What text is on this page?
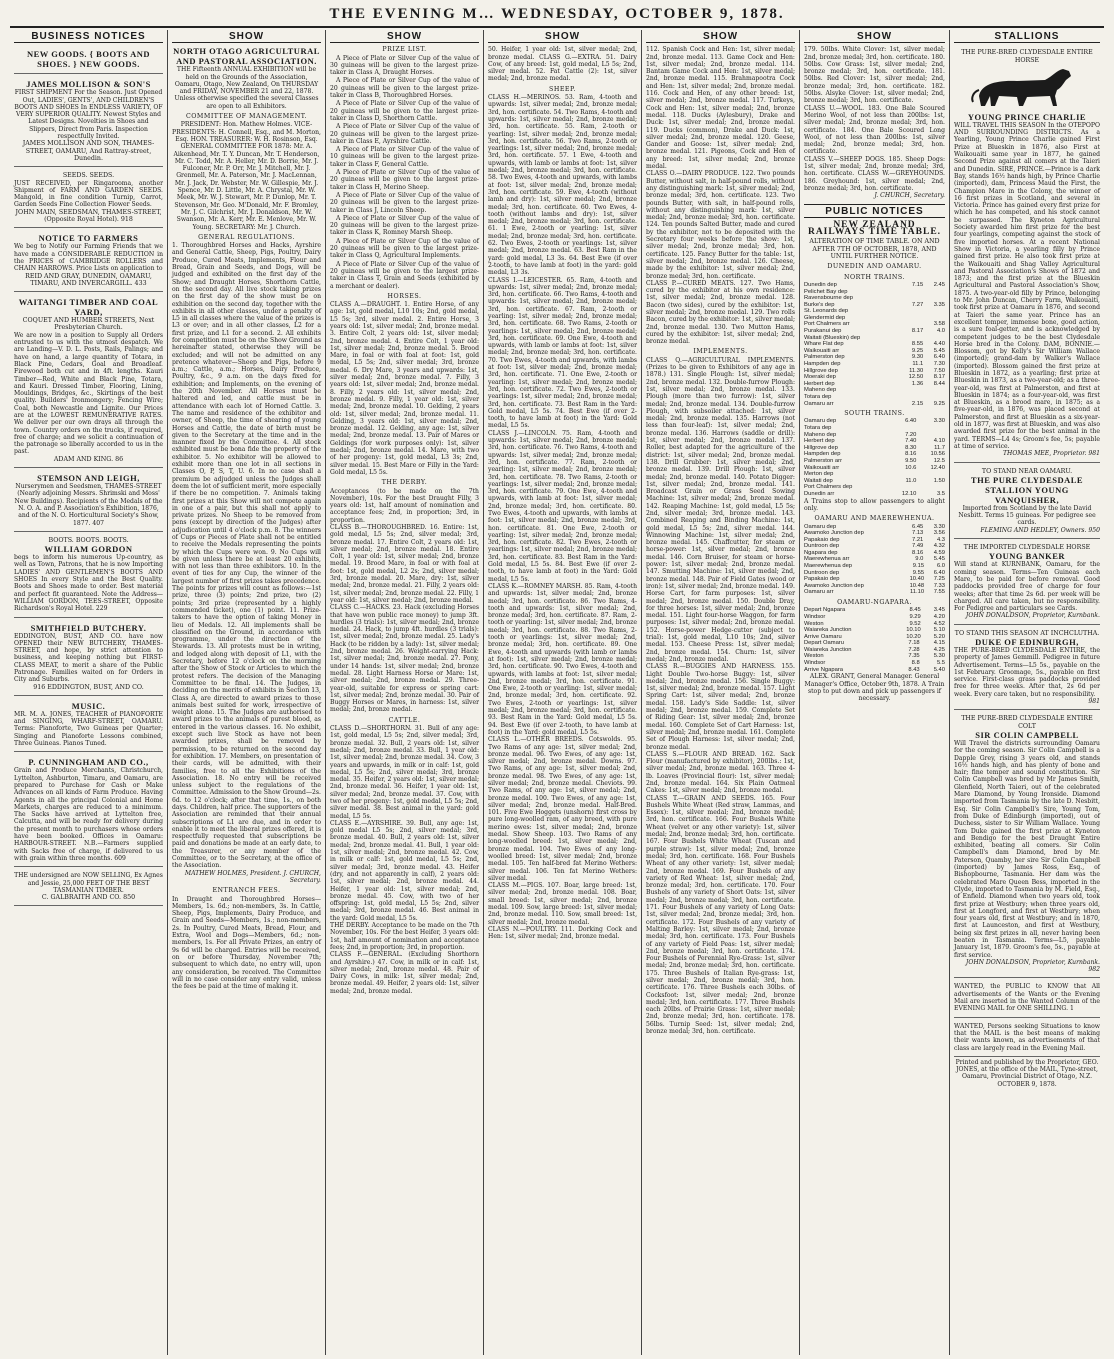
THE EVENING M… WEDNESDAY, OCTOBER 9, 1878.
BUSINESS NOTICES
NEW GOODS. { BOOTS AND SHOES. } NEW GOODS.
JAMES MOLLISON & SON'S
FIRST SHIPMENT For the Season. Just Opened Out, LADIES', GENTS', AND CHILDREN'S BOOTS AND SHOES In ENDLESS VARIETY, OF VERY SUPERIOR QUALITY. Newest Styles and Latest Designs. Novelties in Shoes and Slippers, Direct from Paris. Inspection respectfully Invited.
JAMES MOLLISON AND SON, THAMES-STREET, OAMARU, And Rattray-street, Dunedin.
SEEDS. SEEDS.
JUST RECEIVED, per Ringarooma, another Shipment of FARM AND GARDEN SEEDS. Mangold, in fine condition Turnip, Carrot, Garden Seeds Fine Collection Flower Seeds.
JOHN MAIN, SEEDSMAN, THAMES-STREET, (Opposite Royal Hotel). 918
NOTICE TO FARMERS
We beg to Notify our Farming Friends that we have made a CONSIDERABLE REDUCTION in the PRICES of CAMBRIDGE ROLLERS and CHAIN HARROWS. Price Lists on application to
REID AND GRAY, DUNEDIN, OAMARU, TIMARU, AND INVERCARGILL. 433
WAITANGI TIMBER AND COAL YARD,
COQUET AND HUMBER STREETS, Next Presbyterian Church.
We are now in a position to Supply all Orders entrusted to us with the utmost despatch. We are Landing—V. D. L. Posts, Rails, Palings; and have on hand, a large quantity of Totara, in Black Pine, Cedars, Goal and Broadleaf. Firewood both cut and in 4ft. lengths. Kauri Timber—Red, White and Black Pine, Totara, and Kauri. Dressed Timber, Flooring, Lining, Mouldings, Bridges, &c., Skirtings of the best quality. Builders' Ironmongery; Fencing Wire; Coal, both Newcastle and Lignite. Our Prices are at the LOWEST REMUNERATIVE RATES. We deliver per our own drays all through the town. Country orders on the trucks, if required, free of charge; and we solicit a continuation of the patronage so liberally accorded to us in the past.
ADAM AND KING. 86
STEMSON AND LEIGH,
Nurserymen and Seedsmen, THAMES-STREET (Nearly adjoining Messrs. Shrimski and Moss' New Buildings). Recipients of the Medals of the N. O. A. and P. Association's Exhibition, 1876, and of the N. O. Horticultural Society's Show, 1877. 407
BOOTS. BOOTS. BOOTS.
WILLIAM GORDON
begs to inform his numerous Up-country, as well as Town, Patrons, that he is now Importing LADIES' AND GENTLEMEN'S BOOTS AND SHOES In every Style and the Best Quality. Boots and Shoes made to order. Best material and perfect fit guaranteed. Note the Address— WILLIAM GORDON, TEES-STREET, Opposite Richardson's Royal Hotel. 229
SMITHFIELD BUTCHERY.
EDDINGTON, BUST, AND CO. have now OPENED their NEW BUTCHERY, THAMES-STREET, and hope, by strict attention to business, and keeping nothing but FIRST-CLASS MEAT, to merit a share of the Public Patronage. Families waited on for Orders in City and Suburbs.
916 EDDINGTON, BUST, AND CO.
MUSIC.
MR. M. A. JONES, TEACHER of PIANOFORTE and SINGING, WHARF-STREET, OAMARU. Terms: Pianoforte, Two Guineas per Quarter; Singing and Pianoforte Lessons combined, Three Guineas. Pianos Tuned.
P. CUNNINGHAM AND CO.,
Grain and Produce Merchants, Christchurch, Lyttelton, Ashburton, Timaru, and Oamaru, are prepared to Purchase for Cash or Make Advances on all kinds of Farm Produce. Having Agents in all the principal Colonial and Home Markets, charges are reduced to a minimum. The Sacks have arrived at Lyttelton free, Calcutta, and will be ready for delivery during the present month to purchasers whose orders have been booked. Offices in Oamaru: HARBOUR-STREET. N.B.—Farmers supplied with Sacks free of charge, if delivered to us with grain within three months. 609
THE undersigned are NOW SELLING, Ex Agnes and Jessie, 25,000 FEET OF THE BEST TASMANIAN TIMBER.
C. GALBRAITH AND CO. 850
SHOW
NORTH OTAGO AGRICULTURAL AND PASTORAL ASSOCIATION.
THE Fifteenth ANNUAL EXHIBITION will be held on the Grounds of the Association, Oamaru, Otago, New Zealand, On THURSDAY and FRIDAY, NOVEMBER 21 and 22, 1878. Unless otherwise specified the several Classes are open to all Exhibitors.
COMMITTEE OF MANAGEMENT.
PRESIDENT: Hon. Mathew Holmes. VICE-PRESIDENTS: H. Connell, Esq., and M. Morton, Esq. HON. TREASURER: W. H. Rosinson, Esq. GENERAL COMMITTEE FOR 1878: Mr. A. Aikenhead, Mr. T. Y. Duncan, Mr. T. Henderson, Mr. C. Todd, Mr. A. Heller, Mr. D. Borrie, Mr. J. Fulconer, Mr. P. Orr, Mr. J. Mitchell, Mr. J. Grenmell, Mr. A. Paterson, Mr. J. MacLennan, Mr. J. Jack, Dr. Webster, Mr. W. Gillespie, Mr. J. Spence, Mr. D. Little, Mr. A. Chrystal, Mr. W. Meek, Mr. W. J. Stewart, Mr. P. Dunlop, Mr. T. Stevenson, Mr. Geo. M'Donald, Mr. F. Bromley, Mr. J. C. Gilchrist, Mr. J. Donaldson, Mr. W. Swanson, Mr. A. Kerr, Mr. E. Menlove, Mr. W. Young. SECRETARY: Mr. J. Church.
GENERAL REGULATIONS.
1. Thoroughbred Horses and Hacks, Ayrshire and General Cattle, Sheep, Pigs, Poultry, Dairy Produce, Cured Meats, Implements, Flour and Bread, Grain and Seeds, and Dogs, will be judged and exhibited on the first day of the Show; and Draught Horses, Shorthorn Cattle, on the second day. All live stock taking prizes on the first day of the show must be on exhibition on the second day, together with the exhibits in all other classes, under a penalty of L5 in all classes where the value of the prizes is L3 or over; and in all other classes, L2 for a first prize, and L1 for a second. 2. All exhibits for competition must be on the Show Ground as hereinafter stated, otherwise they will be excluded; and will not be admitted on any pretence whatever—Sheep and Pigs, before 9 a.m.; Cattle, a.m.; Horses, Dairy Produce, Poultry, &c., 9 a.m. on the days fixed for exhibition; and Implements, on the evening of the 20th November. All Horses must be haltered and led, and cattle must be in attendance with each lot of Horned Cattle. 3. The name and residence of the exhibitor and owner, of Sheep, the time of shearing of young Horses and Cattle, the date of birth must be given to the Secretary at the time and in the manner fixed by the Committee. 4. All stock exhibited must be bona fide the property of the exhibitor. 5. No exhibitor will be allowed to exhibit more than one lot in all sections in Classes O, P, S, T, U. 6. In no case shall a premium be adjudged unless the Judges shall deem the lot of sufficient merit, more especially if there be no competition. 7. Animals taking first prizes at this Show will not compete again in one of a pair, but this shall not apply to private prizes. No Sheep to be removed from pens (except by direction of the Judges) after adjudication until 4 o'clock p.m. 8. The winners of Cups or Pieces of Plate shall not be entitled to receive the Medals representing the points by which the Cups were won. 9. No Cups will be given unless there be at least 20 exhibits, with not less than three exhibitors. 10. In the event of ties for any Cup, the winner of the largest number of first prizes takes precedence. The points for prizes will count as follows:—1st prize, three (3) points; 2nd prize, two (2) points; 3rd prize (represented by a highly commended ticket), one (1) point. 11. Prize-takers to have the option of taking Money in lieu of Medals. 12. All implements shall be classified on the Ground, in accordance with programme, under the direction of the Stewards. 13. All protests must be in writing, and lodged along with deposit of L1, with the Secretary, before 12 o'clock on the morning after the Show of Stock or Articles to which the protest refers. The decision of the Managing Committee to be final. 14. The Judges, in deciding on the merits of exhibits in Section 13, Class A, are directed to award prizes to those animals best suited for work, irrespective of weight alone. 15. The Judges are authorised to award prizes to the animals of purest blood, as entered in the various classes. 16. No exhibit, except such live Stock as have not been awarded prizes, shall be removed by permission, to be returned on the second day for exhibition. 17. Members, on presentation of their cards, will be admitted, with their families, free to all the Exhibitions of the Association. 18. No entry will be received unless subject to the regulations of the Committee. Admission to the Show Ground—2s. 6d. to 12 o'clock; after that time, 1s., on both days. Children, half price. The supporters of the Association are reminded that their annual subscriptions of L1 are due, and in order to enable it to meet the liberal prizes offered, it is respectfully requested that subscriptions be paid and donations be made at an early date, to the Treasurer, or any member of the Committee, or to the Secretary, at the office of the Association.
MATHEW HOLMES, President. J. CHURCH, Secretary.
ENTRANCH FEES.
In Draught and Thoroughbred Horses—Members, 1s. 6d.; non-members, 3s. In Cattle, Sheep, Pigs, Implements, Dairy Produce, and Grain and Seeds—Members, 1s.; non-members, 2s. In Poultry, Cured Meats, Bread, Flour, and Extra, Wool and Dogs—Members, 6d.; non-members, 1s. For all Private Prizes, an entry of 9s 6d will be charged. Entries will be received, on or before Thursday, November 7th; subsequent to which date, no entry will, upon any consideration, be received. The Committee will in no case consider any entry valid, unless the fees be paid at the time of making it.
SHOW
PRIZE LIST.
A Piece of Plate or Silver Cup of the value of 30 guineas will be given to the largest prize-taker in Class A, Draught Horses.
A Piece of Plate or Silver Cup of the value of 20 guineas will be given to the largest prize-taker in Class B, Thoroughbred Horses.
A Piece of Plate or Silver Cup of the value of 20 guineas will be given to the largest prize-taker in Class D, Shorthorn Cattle.
A Piece of Plate or Silver Cup of the value of 20 guineas will be given to the largest prize-taker in Class E, Ayrshire Cattle.
A Piece of Plate or Silver Cup of the value of 10 guineas will be given to the largest prize-taker in Class F, General Cattle.
A Piece of Plate or Silver Cup of the value of 20 guineas will be given to the largest prize-taker in Class H, Merino Sheep.
A Piece of Plate or Silver Cup of the value of 20 guineas will be given to the largest prize-taker in Class J, Lincoln Sheep.
A Piece of Plate or Silver Cup of the value of 20 guineas will be given to the largest prize-taker in Class K, Romney Marsh Sheep.
A Piece of Plate or Silver Cup of the value of 20 guineas will be given to the largest prize-taker in Class Q, Agricultural Implements.
A Piece of Plate or Silver Cup of the value of 20 guineas will be given to the largest prize-taker in Class T, Grain and Seeds (exhibited by a merchant or dealer).
HORSES.
CLASS A.—DRAUGHT. 1. Entire Horse, of any age: 1st, gold medal, L10 10s; 2nd, gold medal, L5 5s; 3rd, silver medal. 2. Entire Horse, 3 years old: 1st, silver medal; 2nd, bronze medal. 3. Entire Colt, 2 years old: 1st, silver medal; 2nd, bronze medal. 4. Entire Colt, 1 year old: 1st, silver medal; 2nd, bronze medal. 5. Brood Mare, in foal or with foal at foot: 1st, gold medal, L5 5s; 2nd, silver medal; 3rd, bronze medal. 6. Dry Mare, 3 years and upwards: 1st, silver medal; 2nd, bronze medal. 7. Filly, 3 years old: 1st, silver medal; 2nd, bronze medal. 8. Filly, 2 years old: 1st, silver medal; 2nd, bronze medal. 9. Filly, 1 year old: 1st, silver medal; 2nd, bronze medal. 10. Gelding, 2 years old: 1st, silver medal; 2nd, bronze medal. 11. Gelding, 3 years old: 1st, silver medal; 2nd, bronze medal. 12. Gelding, any age: 1st, silver medal; 2nd, bronze medal. 13. Pair of Mares or Geldings (for work purposes only): 1st, silver medal; 2nd, bronze medal. 14. Mare, with two of her progeny: 1st, gold medal, L3 3s; 2nd, silver medal. 15. Best Mare or Filly in the Yard: Gold medal, L5 5s.
THE DERBY.
Acceptances (to be made on the 7th November), 10s. For the best Draught Filly, 3 years old: 1st, half amount of nomination and acceptance fees; 2nd, in proportion; 3rd, in proportion.
CLASS B.—THOROUGHBRED. 16. Entire: 1st, gold medal, L5 5s; 2nd, silver medal; 3rd, bronze medal. 17. Entire Colt, 2 years old: 1st, silver medal; 2nd, bronze medal. 18. Entire Colt, 1 year old: 1st, silver medal; 2nd, bronze medal. 19. Brood Mare, in foal or with foal at foot: 1st, gold medal, L2 2s; 2nd, silver medal; 3rd, bronze medal. 20. Mare, dry: 1st, silver medal; 2nd, bronze medal. 21. Filly, 2 years old: 1st, silver medal; 2nd, bronze medal. 22. Filly, 1 year old: 1st, silver medal; 2nd, bronze medal.
CLASS C.—HACKS. 23. Hack (excluding Horses that have won public race money) to jump 3ft. hurdles (3 trials): 1st, silver medal; 2nd, bronze medal. 24. Hack, to jump 4ft. hurdles (3 trials): 1st, silver medal; 2nd, bronze medal. 25. Lady's Hack (to be ridden by a lady): 1st, silver medal; 2nd, bronze medal. 26. Weight-carrying Hack: 1st, silver medal; 2nd, bronze medal. 27. Pony, under 14 hands: 1st, silver medal; 2nd, bronze medal. 28. Light Harness Horse or Mare: 1st, silver medal; 2nd, bronze medal. 29. Three-year-old, suitable for express or spring cart: 1st, silver medal; 2nd, bronze medal. 30. Pair of Buggy Horses or Mares, in harness: 1st, silver medal; 2nd, bronze medal.
CATTLE.
CLASS D.—SHORTHORN. 31. Bull of any age: 1st, gold medal, L5 5s; 2nd, silver medal; 3rd, bronze medal. 32. Bull, 2 years old: 1st, silver medal; 2nd, bronze medal. 33. Bull, 1 year old: 1st, silver medal; 2nd, bronze medal. 34. Cow, 3 years and upwards, in milk or in calf: 1st, gold medal, L5 5s; 2nd, silver medal; 3rd, bronze medal. 35. Heifer, 2 years old: 1st, silver medal; 2nd, bronze medal. 36. Heifer, 1 year old: 1st, silver medal; 2nd, bronze medal. 37. Cow, with two of her progeny: 1st, gold medal, L5 5s; 2nd, silver medal. 38. Best animal in the yard: gold medal, L5 5s.
CLASS E.—AYRSHIRE. 39. Bull, any age: 1st, gold medal L5 5s; 2nd, silver medal; 3rd, bronze medal. 40. Bull, 2 years old: 1st, silver medal; 2nd, bronze medal. 41. Bull, 1 year old: 1st, silver medal; 2nd, bronze medal. 42. Cow, in milk or calf: 1st, gold medal, L5 5s; 2nd, silver medal; 3rd, bronze medal. 43. Heifer (dry, and not apparently in calf), 2 years old: 1st, silver medal; 2nd, bronze medal. 44. Heifer, 1 year old: 1st, silver medal; 2nd, bronze medal. 45. Cow, with two of her offspring: 1st, gold medal, L5 5s; 2nd, silver medal; 3rd, bronze medal. 46. Best animal in the yard: Gold medal, L5 5s.
THE DERBY. Acceptance to be made on the 7th November, 10s. For the best Heifer, 3 years old: 1st, half amount of nomination and acceptance fees; 2nd, in proportion; 3rd, in proportion.
CLASS F.—GENERAL. (Excluding Shorthorn and Ayrshire.) 47. Cow, in milk or in calf: 1st, silver medal; 2nd, bronze medal. 48. Pair of Dairy Cows, in milk: 1st, silver medal; 2nd, bronze medal. 49. Heifer, 2 years old: 1st, silver medal; 2nd, bronze medal.
SHOW
50. Heifer, 1 year old: 1st, silver medal; 2nd, bronze medal. CLASS G.—EXTRA. 51. Dairy Cow, of any breed: 1st, gold medal, L5 5s; 2nd, silver medal. 52. Fat Cattle (2): 1st, silver medal; 2nd, bronze medal.
SHEEP.
CLASS H.—MERINOS. 53. Ram, 4-tooth and upwards: 1st, silver medal; 2nd, bronze medal; 3rd, hon. certificate. 54. Two Rams, 4-tooth and upwards: 1st, silver medal; 2nd, bronze medal; 3rd, hon. certificate. 55. Ram, 2-tooth or yearling: 1st, silver medal; 2nd, bronze medal; 3rd, hon. certificate. 56. Two Rams, 2-tooth or yearlings: 1st, silver medal; 2nd, bronze medal; 3rd, hon. certificate. 57. 1 Ewe, 4-tooth and upwards, with lamb or lambs at foot: 1st, silver medal; 2nd, bronze medal; 3rd, hon. certificate. 58. Two Ewes, 4-tooth and upwards, with lambs at foot: 1st, silver medal; 2nd, bronze medal; 3rd, hon. certificate. 59. Ewe, 4-tooth (without lamb and dry): 1st, silver medal; 2nd, bronze medal; 3rd, hon. certificate. 60. Two Ewes, 4-tooth (without lambs and dry): 1st, silver medal; 2nd, bronze medal; 3rd, hon. certificate. 61. 1 Ewe, 2-tooth or yearling: 1st, silver medal; 2nd, bronze medal; 3rd, hon. certificate. 62. Two Ewes, 2-tooth or yearlings: 1st, silver medal; 2nd, bronze medal. 63. Best Ram in the yard: gold medal, L3 3s. 64. Best Ewe (if over 2-tooth, to have lamb at foot) in the yard: gold medal, L3 3s.
CLASS I.—LEICESTER. 65. Ram, 4-tooth and upwards: 1st, silver medal; 2nd, bronze medal; 3rd, hon. certificate. 66. Two Rams, 4-tooth and upwards: 1st, silver medal; 2nd, bronze medal; 3rd, hon. certificate. 67. Ram, 2-tooth or yearling: 1st, silver medal; 2nd, bronze medal; 3rd, hon. certificate. 68. Two Rams, 2-tooth or yearlings: 1st, silver medal; 2nd, bronze medal; 3rd, hon. certificate. 69. One Ewe, 4-tooth and upwards, with lamb or lambs at foot: 1st, silver medal; 2nd, bronze medal; 3rd, hon. certificate. 70. Two Ewes, 4-tooth and upwards, with lambs at foot: 1st, silver medal; 2nd, bronze medal; 3rd, hon. certificate. 71. One Ewe, 2-tooth or yearling: 1st, silver medal; 2nd, bronze medal; 3rd, hon. certificate. 72. Two Ewes, 2-tooth or yearlings: 1st, silver medal; 2nd, bronze medal; 3rd, hon. certificate. 73. Best Ram in the Yard: Gold medal, L5 5s. 74. Best Ewe (if over 2-tooth, to have lamb at foot) in the Yard: Gold medal, L5 5s.
CLASS J.—LINCOLN. 75. Ram, 4-tooth and upwards: 1st, silver medal; 2nd, bronze medal; 3rd, hon. certificate. 76. Two Rams, 4-tooth and upwards: 1st, silver medal; 2nd, bronze medal; 3rd, hon. certificate. 77. Ram, 2-tooth or yearling: 1st, silver medal; 2nd, bronze medal; 3rd, hon. certificate. 78. Two Rams, 2-tooth or yearlings: 1st, silver medal; 2nd, bronze medal; 3rd, hon. certificate. 79. One Ewe, 4-tooth and upwards, with lamb at foot: 1st, silver medal; 2nd, bronze medal; 3rd, hon. certificate. 80. Two Ewes, 4-tooth and upwards, with lambs at foot: 1st, silver medal; 2nd, bronze medal; 3rd, hon. certificate. 81. One Ewe, 2-tooth or yearling: 1st, silver medal; 2nd, bronze medal; 3rd, hon. certificate. 82. Two Ewes, 2-tooth or yearlings: 1st, silver medal; 2nd, bronze medal; 3rd, hon. certificate. 83. Best Ram in the Yard: Gold medal, L5 5s. 84. Best Ewe (if over 2-tooth, to have lamb at foot) in the Yard: Gold medal, L5 5s.
CLASS K.—ROMNEY MARSH. 85. Ram, 4-tooth and upwards: 1st, silver medal; 2nd, bronze medal; 3rd, hon. certificate. 86. Two Rams, 4-tooth and upwards: 1st, silver medal; 2nd, bronze medal; 3rd, hon. certificate. 87. Ram, 2-tooth or yearling: 1st, silver medal; 2nd, bronze medal; 3rd, hon. certificate. 88. Two Rams, 2-tooth or yearlings: 1st, silver medal; 2nd, bronze medal; 3rd, hon. certificate. 89. One Ewe, 4-tooth and upwards (with lamb or lambs at foot): 1st, silver medal; 2nd, bronze medal; 3rd, hon. certificate. 90. Two Ewes, 4-tooth and upwards, with lambs at foot: 1st, silver medal; 2nd, bronze medal; 3rd, hon. certificate. 91. One Ewe, 2-tooth or yearling: 1st, silver medal; 2nd, bronze medal; 3rd, hon. certificate. 92. Two Ewes, 2-tooth or yearlings: 1st, silver medal; 2nd, bronze medal; 3rd, hon. certificate. 93. Best Ram in the Yard: Gold medal, L5 5s. 94. Best Ewe (if over 2-tooth, to have lamb at foot) in the Yard: gold medal, L5 5s.
CLASS L.—OTHER BREEDS. Cotswolds. 95. Two Rams of any age: 1st, silver medal; 2nd, bronze medal. 96. Two Ewes, of any age: 1st, silver medal; 2nd, bronze medal. Downs. 97. Two Rams, of any age: 1st, silver medal; 2nd, bronze medal. 98. Two Ewes, of any age: 1st, silver medal; 2nd, bronze medal. Cheviots. 99. Two Rams, of any age: 1st, silver medal; 2nd, bronze medal. 100. Two Ewes, of any age: 1st, silver medal; 2nd, bronze medal. Half-Bred. 101. Five Ewe Hoggets (unshorn) first cross by pure long-woolled ram, of any breed, with pure merino ewes: 1st, silver medal; 2nd, bronze medal. Show Sheep. 103. Two Rams of any long-woolled breed: 1st, silver medal; 2nd, bronze medal. 104. Two Ewes of any long-woolled breed: 1st, silver medal; 2nd, bronze medal. 105. Ten half-bred fat Merino Wethers: silver medal. 106. Ten fat Merino Wethers: silver medal.
CLASS M.—PIGS. 107. Boar, large breed: 1st, silver medal; 2nd, bronze medal. 108. Boar, small breed: 1st, silver medal; 2nd, bronze medal. 109. Sow, large breed: 1st, silver medal; 2nd, bronze medal. 110. Sow, small breed: 1st, silver medal; 2nd, bronze medal.
CLASS N.—POULTRY. 111. Dorking Cock and Hen: 1st, silver medal; 2nd, bronze medal.
SHOW
112. Spanish Cock and Hen: 1st, silver medal; 2nd, bronze medal. 113. Game Cock and Hen: 1st, silver medal; 2nd, bronze medal. 114. Bantam Game Cock and Hen: 1st, silver medal; 2nd, bronze medal. 115. Brahmapootra Cock and Hen: 1st, silver medal; 2nd, bronze medal. 116. Cock and Hen, of any other breed: 1st, silver medal; 2nd, bronze medal. 117. Turkeys, Cock and Hen: 1st, silver medal; 2nd, bronze medal. 118. Ducks (Aylesbury), Drake and Duck: 1st, silver medal; 2nd, bronze medal. 119. Ducks (common), Drake and Duck: 1st, silver medal; 2nd, bronze medal. 120. Geese, Gander and Goose: 1st, silver medal; 2nd, bronze medal. 121. Pigeons, Cock and Hen of any breed: 1st, silver medal; 2nd, bronze medal.
CLASS O.—DAIRY PRODUCE. 122. Two pounds Butter, without salt, in half-pound rolls, without any distinguishing mark: 1st, silver medal; 2nd, bronze medal; 3rd, hon. certificate. 123. Two pounds Butter, with salt, in half-pound rolls, without any distinguishing mark: 1st, silver medal; 2nd, bronze medal; 3rd, hon. certificate. 124. Ten pounds Salted Butter, made and cured by the exhibitor, not to be deposited with the Secretary four weeks before the show: 1st, silver medal; 2nd, bronze medal; 3rd, hon. certificate. 125. Fancy Butter for the table: 1st, silver medal; 2nd, bronze medal. 126. Cheese, made by the exhibitor: 1st, silver medal; 2nd, bronze medal; 3rd, hon. certificate.
CLASS P.—CURED MEATS. 127. Two Hams, cured by the exhibitor at his own residence: 1st, silver medal; 2nd, bronze medal. 128. Bacon (two sides), cured by the exhibitor: 1st, silver medal; 2nd, bronze medal. 129. Two rolls Bacon, cured by the exhibitor: 1st, silver medal; 2nd, bronze medal. 130. Two Mutton Hams, cured by the exhibitor: 1st, silver medal; 2nd, bronze medal.
IMPLEMENTS.
CLASS Q.—AGRICULTURAL IMPLEMENTS. (Prizes to be given to Exhibitors of any age in 1878.) 131. Single Plough: 1st, silver medal; 2nd, bronze medal. 132. Double-furrow Plough: 1st, silver medal; 2nd, bronze medal. 133. Plough (more than two furrow): 1st, silver medal; 2nd, bronze medal. 134. Double-furrow Plough, with subsoiler attached: 1st, silver medal; 2nd, bronze medal. 135. Harrows (not less than four-leaf): 1st, silver medal; 2nd, bronze medal. 136. Harrows (saddle or drill): 1st, silver medal; 2nd, bronze medal. 137. Roller, best adapted for the agriculture of the district: 1st, silver medal; 2nd, bronze medal. 138. Drill Grubber: 1st, silver medal; 2nd, bronze medal. 139. Drill Plough: 1st, silver medal; 2nd, bronze medal. 140. Potato Digger: 1st, silver medal; 2nd, bronze medal. 141. Broadcast Grain or Grass Seed Sowing Machine: 1st, silver medal; 2nd, bronze medal. 142. Reaping Machine: 1st, gold medal, L5 5s; 2nd, silver medal; 3rd, bronze medal. 143. Combined Reaping and Binding Machine: 1st, gold medal, L5 5s; 2nd, silver medal. 144. Winnowing Machine: 1st, silver medal; 2nd, bronze medal. 145. Chaffcutter, for steam or horse-power: 1st, silver medal; 2nd, bronze medal. 146. Corn Bruiser, for steam or horse-power: 1st, silver medal; 2nd, bronze medal. 147. Smutting Machine: 1st, silver medal; 2nd, bronze medal. 148. Pair of Field Gates (wood or iron): 1st, silver medal; 2nd, bronze medal. 149. Horse Cart, for farm purposes: 1st, silver medal; 2nd, bronze medal. 150. Double Dray, for three horses: 1st, silver medal; 2nd, bronze medal. 151. Light four-horse Waggon, for farm purposes: 1st, silver medal; 2nd, bronze medal. 152. Horse-power Hedge-cutter (subject to trial): 1st, gold medal, L10 10s; 2nd, silver medal. 153. Cheese Press: 1st, silver medal; 2nd, bronze medal. 154. Churn: 1st, silver medal; 2nd, bronze medal.
CLASS R.—BUGGIES AND HARNESS. 155. Light Double Two-horse Buggy: 1st, silver medal; 2nd, bronze medal. 156. Single Buggy: 1st, silver medal; 2nd, bronze medal. 157. Light Spring Cart: 1st, silver medal; 2nd, bronze medal. 158. Lady's Side Saddle: 1st, silver medal; 2nd, bronze medal. 159. Complete Set of Riding Gear: 1st, silver medal; 2nd, bronze medal. 160. Complete Set of Cart Harness: 1st, silver medal; 2nd, bronze medal. 161. Complete Set of Plough Harness: 1st, silver medal; 2nd, bronze medal.
CLASS S.—FLOUR AND BREAD. 162. Sack Flour (manufactured by exhibitor), 200lbs.: 1st, silver medal; 2nd, bronze medal. 163. Three 4-lb. Loaves (Provincial flour): 1st, silver medal; 2nd, bronze medal. 164. Six Plain Oatmeal Cakes: 1st, silver medal; 2nd, bronze medal.
CLASS T.—GRAIN AND SEEDS. 165. Four Bushels White Wheat (Red straw, Lammas, and Essex): 1st, silver medal; 2nd, bronze medal; 3rd, hon. certificate. 166. Four Bushels White Wheat (velvet or any other variety): 1st, silver medal; 2nd, bronze medal; 3rd, hon. certificate. 167. Four Bushels White Wheat (Tuscan and purple straw): 1st, silver medal; 2nd, bronze medal; 3rd, hon. certificate. 168. Four Bushels Wheat of any other variety: 1st, silver medal; 2nd, bronze medal. 169. Four Bushels of any variety of Red Wheat: 1st, silver medal; 2nd, bronze medal; 3rd, hon. certificate. 170. Four Bushels of any variety of Short Oats: 1st, silver medal; 2nd, bronze medal; 3rd, hon. certificate. 171. Four Bushels of any variety of Long Oats: 1st, silver medal; 2nd, bronze medal; 3rd, hon. certificate. 172. Four Bushels of any variety of Malting Barley: 1st, silver medal; 2nd, bronze medal; 3rd, hon. certificate. 173. Four Bushels of any variety of Field Peas: 1st, silver medal; 2nd, bronze medal; 3rd, hon. certificate. 174. Four Bushels of Perennial Rye-Grass: 1st, silver medal; 2nd, bronze medal; 3rd, hon. certificate. 175. Three Bushels of Italian Rye-grass: 1st, silver medal; 2nd, bronze medal; 3rd, hon. certificate. 176. Three Bushels each 30lbs. of Cocksfoot: 1st, silver medal; 2nd, bronze medal; 3rd, hon. certificate. 177. Three Bushels each 20lbs. of Prairie Grass: 1st, silver medal; 2nd, bronze medal; 3rd, hon. certificate. 178. 56lbs. Turnip Seed: 1st, silver medal; 2nd, bronze medal; 3rd, hon. certificate.
SHOW
179. 50lbs. White Clover: 1st, silver medal; 2nd, bronze medal; 3rd, hon. certificate. 180. 50lbs. Cow Grass: 1st, silver medal; 2nd, bronze medal; 3rd, hon. certificate. 181. 50lbs. Red Clover: 1st, silver medal; 2nd, bronze medal; 3rd, hon. certificate. 182. 50lbs. Alsyke Clover: 1st, silver medal; 2nd, bronze medal; 3rd, hon. certificate.
CLASS U.—WOOL. 183. One Bale Scoured Merino Wool, of not less than 200lbs: 1st, silver medal; 2nd, bronze medal; 3rd, hon. certificate. 184. One Bale Scoured Long Wool, of not less than 200lbs: 1st, silver medal; 2nd, bronze medal; 3rd, hon. certificate.
CLASS V.—SHEEP DOGS. 185. Sheep Dogs: 1st, silver medal; 2nd, bronze medal; 3rd, hon. certificate. CLASS W.—GREYHOUNDS. 186. Greyhound: 1st, silver medal; 2nd, bronze medal; 3rd, hon. certificate.
J. CHURCH, Secretary.
PUBLIC NOTICES
NEW ZEALAND RAILWAYS TIME TABLE.
ALTERATION OF TIME TABLE. ON AND AFTER 7TH OF OCTOBER, 1878, AND UNTIL FURTHER NOTICE.
DUNEDIN AND OAMARU.
NORTH TRAINS.
Dunedin dep	7.15	2.45
Pelichet Bay dep		
Ravensbourne dep		
Burke's dep	7.27	3.35
St. Leonards dep		
Glendermid dep		
Port Chalmers arr		3.58
Purakanui dep	8.17	4.0
Waitati (Blueskin) dep		
Whare Flat dep	8.55	4.40
Waikouaiti arr	9.25	5.45
Palmerston dep	9.30	6.40
Hampden dep	11.1	7.30
Hillgrove dep	11.30	7.50
Moeraki dep	12.50	8.17
Herbert dep	1.36	8.44
Maheno dep		
Totara dep		
Oamaru arr	2.15	9.25
SOUTH TRAINS.
Oamaru dep	6.40	3.30
Totara dep		
Maheno dep	7.20	
Herbert dep	7.40	4.10
Hillgrove dep	8.30	11.7
Hampden dep	8.16	10.56
Palmerston arr	9.50	12.5
Waikouaiti arr	10.6	12.40
Merton dep		
Waitati dep	11.0	1.50
Port Chalmers dep		
Dunedin arr	12.10	3.5
A Trains stop to allow passengers to alight only.
OAMARU AND MAEREWHENUA.
Oamaru dep	6.45	3.30
Awamoko Junction dep	7.13	3.56
Papakaio dep	7.21	4.3
Duntroon dep	7.49	4.32
Ngapara dep	8.16	4.59
Maerewhenua arr	9.0	5.45
Maerewhenua dep	9.15	6.0
Duntroon dep	9.55	6.40
Papakaio dep	10.40	7.25
Awamoko Junction dep	10.48	7.33
Oamaru arr	11.10	7.55
OAMARU-NGAPARA.
Depart Ngapara	8.45	3.45
Windsor	9.29	4.20
Weston	9.52	4.52
Waiareka Junction	10.10	5.10
Arrive Oamaru	10.20	5.20
Depart Oamaru	7.18	4.15
Waiareka Junction	7.28	4.25
Weston	7.35	5.30
Windsor	8.8	5.5
Arrive Ngapara	8.43	5.40
ALEX. GRANT, General Manager. General Manager's Office, October 9th, 1878. A Train stop to put down and pick up passengers if necessary.
STALLIONS
THE PURE-BRED CLYDESDALE ENTIRE HORSE
YOUNG PRINCE CHARLIE
WILL TRAVEL THIS SEASON In the OTEPOPO AND SURROUNDING DISTRICTS. As a Yearling, Young Prince Charlie gained First Prize at Blueskin in 1876, also First at Waikouaiti same year in 1877, he gained Second Prize against all comers at the Taieri and Dunedin. SIRE, PRINCE.—Prince is a dark Bay, stands 16½ hands high, by Prince Charlie (imported), dam, Princess Maud the First, the Champion Mare in the Colony, the winner of 16 first prizes in Scotland, and several in Victoria. Prince has gained every first prize for which he has competed, and his stock cannot be surpassed. The Kyneton Agricultural Society awarded him first prize for the best four yearlings, competing against the stock of five imported horses. At a recent National Show in Victoria, a yearling filly by Prince gained first prize. He also took first prize at the Waikouaiti and Shag Valley Agricultural and Pastoral Association's Shows of 1872 and 1873; and the first prize at the Blueskin Agricultural and Pastoral Association's Show, 1875. A two-year-old filly by Prince, belonging to Mr. John Duncan, Cherry Farm, Waikouaiti, took first prize at Oamaru in 1876, and second at Taieri the same year. Prince has an excellent temper, immense bone, good action, is a sure foal-getter, and is acknowledged by competent judges to be the best Clydesdale Horse bred in the Colony. DAM, BONNIE.—Blossom, got by Kelly's Sir William Wallace (imported); grand-dam by Walker's Wallace (imported). Blossom gained the first prize at Blueskin in 1872, as a yearling; first prize at Blueskin in 1873, as a two-year-old; as a three-year-old, was first at Palmerston, and first at Blueskin in 1874; as a four-year-old, was first at Blueskin, as a brood mare, in 1875; as a five-year-old, in 1876, was placed second at Palmerston, and first at Blueskin as a six-year-old in 1877, was first at Blueskin, and was also awarded first prize for the best animal in the yard. TERMS—L4 4s; Groom's fee, 5s; payable at time of service.
THOMAS MEE, Proprietor. 981
TO STAND NEAR OAMARU.
THE PURE CLYDESDALE STALLION YOUNG VANQUISHER,
Imported from Scotland by the late David Nesbitt. Terms 15 guineas. For pedigree see cards.
FLEMING AND HEDLEY, Owners. 950
THE IMPORTED CLYDESDALE HORSE
YOUNG BANKER
Will stand at KURNBANK, Oamaru, for the coming season. Terms—Ten Guineas each Mare, to be paid for before removal. Good paddocks provided free of charge for four weeks; after that time 2s 6d. per week will be charged. All care taken, but no responsibility. For Pedigree and particulars see Cards.
JOHN DONALDSON, Proprietor, Kurnbank.
TO STAND THIS SEASON AT INCHCLUTHA.
DUKE OF EDINBURGH,
THE PURE-BRED CLYDESDALE ENTIRE, the property of James Gemmill. Pedigree in future Advertisement. Terms—L5 5s., payable on the 1st February. Groomage, 5s., payable on first service. First-class grass paddocks provided free for three weeks. After that, 2s 6d per week. Every care taken, but no responsibility.
981
THE PURE-BRED CLYDESDALE ENTIRE COLT
SIR COLIN CAMPBELL
Will Travel the districts surrounding Oamaru for the coming season. Sir Colin Campbell is a Dapple Grey, rising 3 years old, and stands 16½ hands high, and has plenty of bone and hair; fine temper and sound constitution. Sir Colin Campbell was bred by Mr James Smith, Glenfield, North Taieri, out of the celebrated Mare Diamond, by Young Ironside. Diamond imported from Tasmania by the late D. Nesbitt, Esq. Sir Colin Campbell's Sire, Young Tom, from Duke of Edinburgh (imported), out of Duchess, sister to Sir William Wallace. Young Tom Duke gained the first prize at Kyneton and Bendigo for the best Draught Entire exhibited, beating all comers. Sir Colin Campbell's dam Diamond, bred by Mr. Paterson, Quamby, her sire Sir Colin Campbell (imported) by James Ross, Esq., of Bishopbourne, Tasmania. Her dam was the celebrated Mare Queen Bess, imported in the Clyde, imported to Tasmania by M. Field, Esq., of Enfield. Diamond when two years old, took first prize at Westbury; when three years old, first at Longford, and first at Westbury; when four years old, first at Westbury; and in 1870, first at Launceston, and first at Westbury, being six first prizes in all, never having been beaten in Tasmania. Terms—L5, payable January 1st, 1879. Groom's fee, 5s., payable at first service.
JOHN DONALDSON, Proprietor, Kurnbank. 982
WANTED, the PUBLIC to KNOW that All advertisements of the Wants or the Evening Mail are inserted in the Wanted Column of the EVENING MAIL for ONE SHILLING. 1
WANTED, Persons seeking Situations to know that the MAIL is the best means of making their wants known, as advertisements of that class are largely read in the Evening Mail.
Printed and published by the Proprietor, GEO. JONES, at the office of the MAIL, Tyne-street, Oamaru, Provincial District of Otago, N.Z. OCTOBER 9, 1878.
